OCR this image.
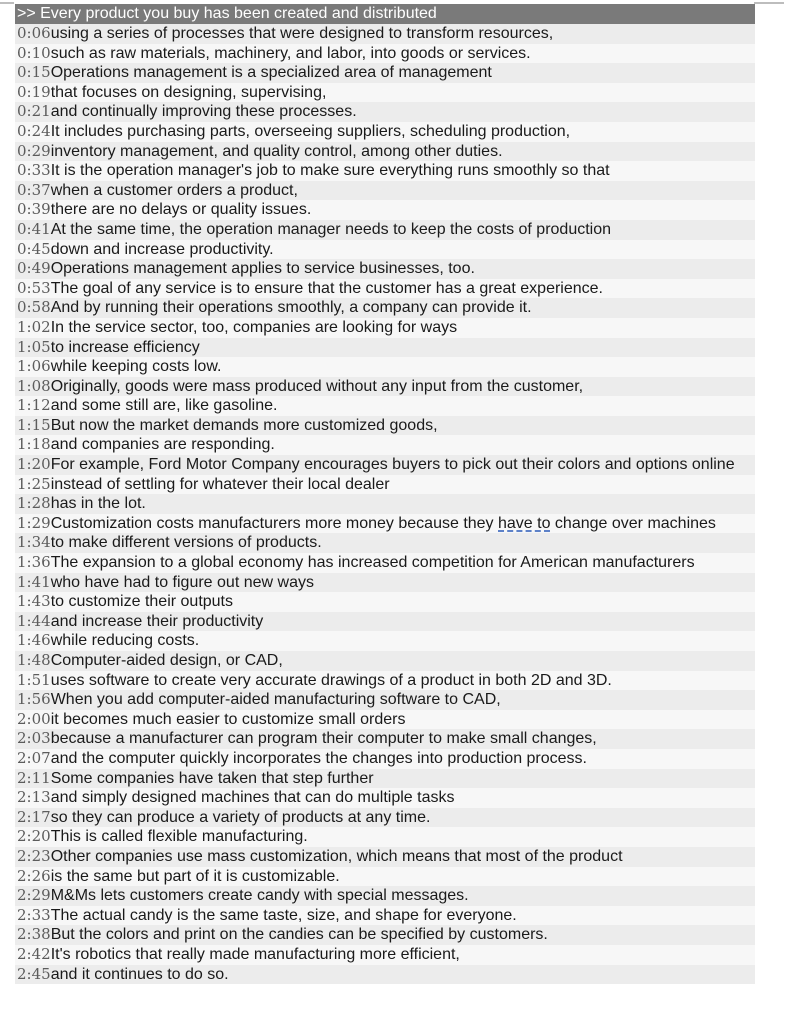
>> Every product you buy has been created and distributed
0:06using a series of processes that were designed to transform resources,
0:10such as raw materials, machinery, and labor, into goods or services.
0:15Operations management is a specialized area of management
0:19that focuses on designing, supervising,
0:21and continually improving these processes.
0:24It includes purchasing parts, overseeing suppliers, scheduling production,
0:29inventory management, and quality control, among other duties.
0:33It is the operation manager's job to make sure everything runs smoothly so that
0:37when a customer orders a product,
0:39there are no delays or quality issues.
0:41At the same time, the operation manager needs to keep the costs of production
0:45down and increase productivity.
0:49Operations management applies to service businesses, too.
0:53The goal of any service is to ensure that the customer has a great experience.
0:58And by running their operations smoothly, a company can provide it.
1:02In the service sector, too, companies are looking for ways
1:05to increase efficiency
1:06while keeping costs low.
1:08Originally, goods were mass produced without any input from the customer,
1:12and some still are, like gasoline.
1:15But now the market demands more customized goods,
1:18and companies are responding.
1:20For example, Ford Motor Company encourages buyers to pick out their colors and options online
1:25instead of settling for whatever their local dealer
1:28has in the lot.
1:29Customization costs manufacturers more money because they have to change over machines
1:34to make different versions of products.
1:36The expansion to a global economy has increased competition for American manufacturers
1:41who have had to figure out new ways
1:43to customize their outputs
1:44and increase their productivity
1:46while reducing costs.
1:48Computer-aided design, or CAD,
1:51uses software to create very accurate drawings of a product in both 2D and 3D.
1:56When you add computer-aided manufacturing software to CAD,
2:00it becomes much easier to customize small orders
2:03because a manufacturer can program their computer to make small changes,
2:07and the computer quickly incorporates the changes into production process.
2:11Some companies have taken that step further
2:13and simply designed machines that can do multiple tasks
2:17so they can produce a variety of products at any time.
2:20This is called flexible manufacturing.
2:23Other companies use mass customization, which means that most of the product
2:26is the same but part of it is customizable.
2:29M&Ms lets customers create candy with special messages.
2:33The actual candy is the same taste, size, and shape for everyone.
2:38But the colors and print on the candies can be specified by customers.
2:42It's robotics that really made manufacturing more efficient,
2:45and it continues to do so.
